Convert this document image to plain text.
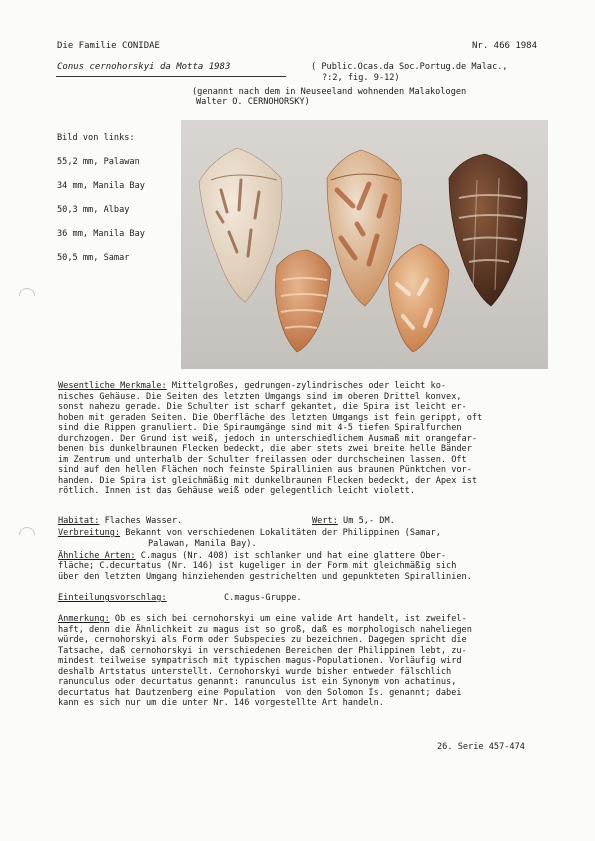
Die Familie CONIDAE	Nr. 466 1984
Conus cernohorskyi da Motta 1983	( Public.Ocas.da Soc.Portug.de Malac.,
?:2, fig. 9-12)
(genannt nach dem in Neuseeland wohnenden Malakologen
Walter O. CERNOHORSKY)
Bild von links:
55,2 mm, Palawan
34 mm, Manila Bay
50,3 mm, Albay
36 mm, Manila Bay
50,5 mm, Samar
Wesentliche Merkmale: Mittelgroßes, gedrungen-zylindrisches oder leicht ko-
nisches Gehäuse. Die Seiten des letzten Umgangs sind im oberen Drittel konvex,
sonst nahezu gerade. Die Schulter ist scharf gekantet, die Spira ist leicht er-
hoben mit geraden Seiten. Die Oberfläche des letzten Umgangs ist fein gerippt, oft
sind die Rippen granuliert. Die Spiraumgänge sind mit 4-5 tiefen Spiralfurchen
durchzogen. Der Grund ist weiß, jedoch in unterschiedlichem Ausmaß mit orangefar-
benen bis dunkelbraunen Flecken bedeckt, die aber stets zwei breite helle Bänder
im Zentrum und unterhalb der Schulter freilassen oder durchscheinen lassen. Oft
sind auf den hellen Flächen noch feinste Spirallinien aus braunen Pünktchen vor-
handen. Die Spira ist gleichmäßig mit dunkelbraunen Flecken bedeckt, der Apex ist
rötlich. Innen ist das Gehäuse weiß oder gelegentlich leicht violett.
Habitat: Flaches Wasser.	Wert: Um 5,- DM.
Verbreitung: Bekannt von verschiedenen Lokalitäten der Philippinen (Samar,
Palawan, Manila Bay).
Ähnliche Arten: C.magus (Nr. 408) ist schlanker und hat eine glattere Ober-
fläche; C.decurtatus (Nr. 146) ist kugeliger in der Form mit gleichmäßig sich
über den letzten Umgang hinziehenden gestrichelten und gepunkteten Spirallinien.
Einteilungsvorschlag:	C.magus-Gruppe.
Anmerkung: Ob es sich bei cernohorskyi um eine valide Art handelt, ist zweifel-
haft, denn die Ähnlichkeit zu magus ist so groß, daß es morphologisch naheliegen
würde, cernohorskyi als Form oder Subspecies zu bezeichnen. Dagegen spricht die
Tatsache, daß cernohorskyi in verschiedenen Bereichen der Philippinen lebt, zu-
mindest teilweise sympatrisch mit typischen magus-Populationen. Vorläufig wird
deshalb Artstatus unterstellt. Cernohorskyi wurde bisher entweder fälschlich
ranunculus oder decurtatus genannt: ranunculus ist ein Synonym von achatinus,
decurtatus hat Dautzenberg eine Population  von den Solomon Is. genannt; dabei
kann es sich nur um die unter Nr. 146 vorgestellte Art handeln.
26. Serie 457-474
